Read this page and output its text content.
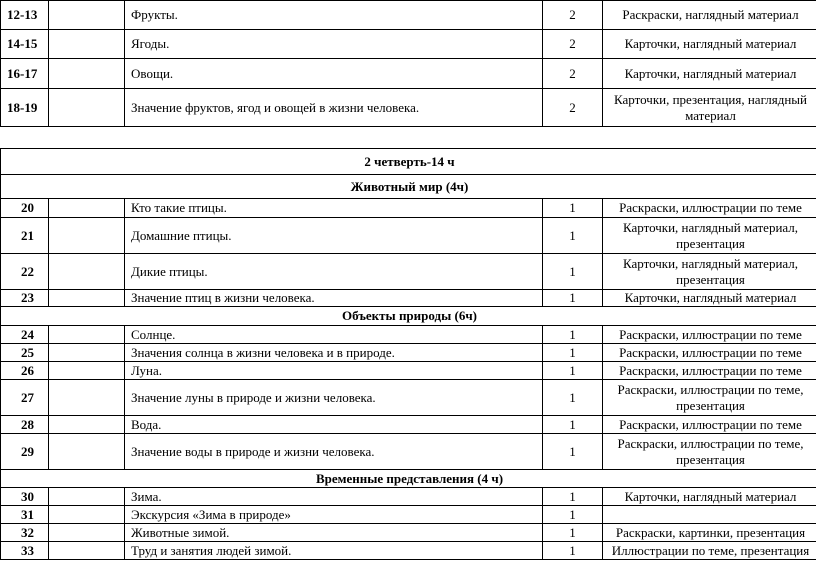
12-13		Фрукты.	2	Раскраски, наглядный материал
14-15		Ягоды.	2	Карточки, наглядный материал
16-17		Овощи.	2	Карточки, наглядный материал
18-19		Значение фруктов, ягод и овощей в жизни человека.	2	Карточки, презентация, наглядный материал
2 четверть-14 ч				
Животный мир (4ч)				
20		Кто такие птицы.	1	Раскраски, иллюстрации по теме
21		Домашние птицы.	1	Карточки, наглядный материал, презентация
22		Дикие птицы.	1	Карточки, наглядный материал, презентация
23		Значение птиц в жизни человека.	1	Карточки, наглядный материал
Объекты природы (6ч)				
24		Солнце.	1	Раскраски, иллюстрации по теме
25		Значения солнца в жизни человека и в природе.	1	Раскраски, иллюстрации по теме
26		Луна.	1	Раскраски, иллюстрации по теме
27		Значение луны в природе и жизни человека.	1	Раскраски, иллюстрации по теме, презентация
28		Вода.	1	Раскраски, иллюстрации по теме
29		Значение воды в природе и жизни человека.	1	Раскраски, иллюстрации по теме, презентация
Временные представления (4 ч)				
30		Зима.	1	Карточки, наглядный материал
31		Экскурсия «Зима в природе»	1	
32		Животные зимой.	1	Раскраски, картинки, презентация
33		Труд и занятия людей зимой.	1	Иллюстрации по теме, презентация
